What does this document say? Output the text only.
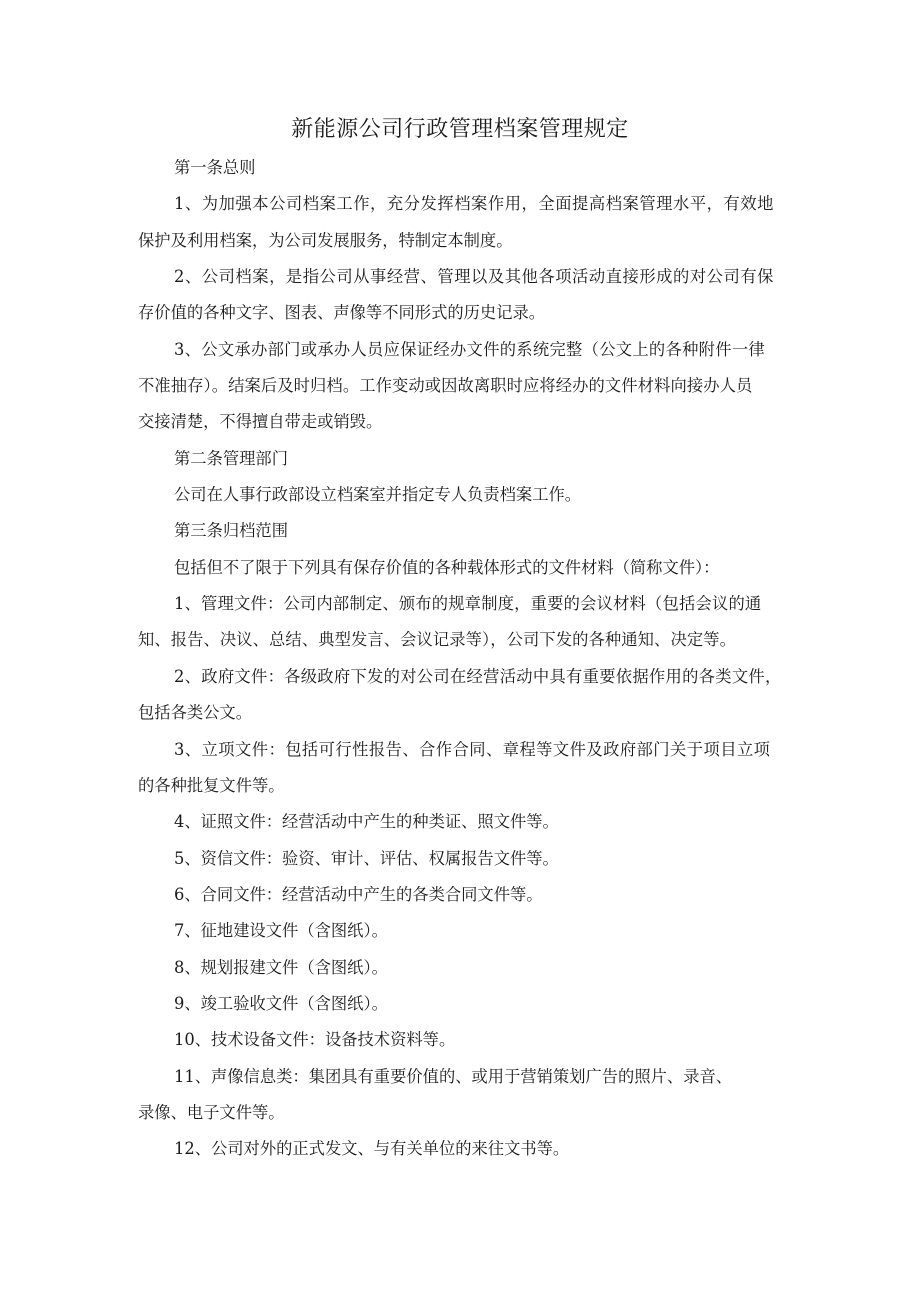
新能源公司行政管理档案管理规定

第一条总则

1、为加强本公司档案工作，充分发挥档案作用，全面提高档案管理水平，有效地

保护及利用档案，为公司发展服务，特制定本制度。

2、公司档案，是指公司从事经营、管理以及其他各项活动直接形成的对公司有保

存价值的各种文字、图表、声像等不同形式的历史记录。

3、公文承办部门或承办人员应保证经办文件的系统完整（公文上的各种附件一律

不准抽存）。结案后及时归档。工作变动或因故离职时应将经办的文件材料向接办人员

交接清楚，不得擅自带走或销毁。

第二条管理部门

公司在人事行政部设立档案室并指定专人负责档案工作。

第三条归档范围

包括但不了限于下列具有保存价值的各种载体形式的文件材料（简称文件）：

1、管理文件：公司内部制定、颁布的规章制度，重要的会议材料（包括会议的通

知、报告、决议、总结、典型发言、会议记录等），公司下发的各种通知、决定等。

2、政府文件：各级政府下发的对公司在经营活动中具有重要依据作用的各类文件，

包括各类公文。

3、立项文件：包括可行性报告、合作合同、章程等文件及政府部门关于项目立项

的各种批复文件等。

4、证照文件：经营活动中产生的种类证、照文件等。

5、资信文件：验资、审计、评估、权属报告文件等。

6、合同文件：经营活动中产生的各类合同文件等。

7、征地建设文件（含图纸）。

8、规划报建文件（含图纸）。

9、竣工验收文件（含图纸）。

10、技术设备文件：设备技术资料等。

11、声像信息类：集团具有重要价值的、或用于营销策划广告的照片、录音、

录像、电子文件等。

12、公司对外的正式发文、与有关单位的来往文书等。
